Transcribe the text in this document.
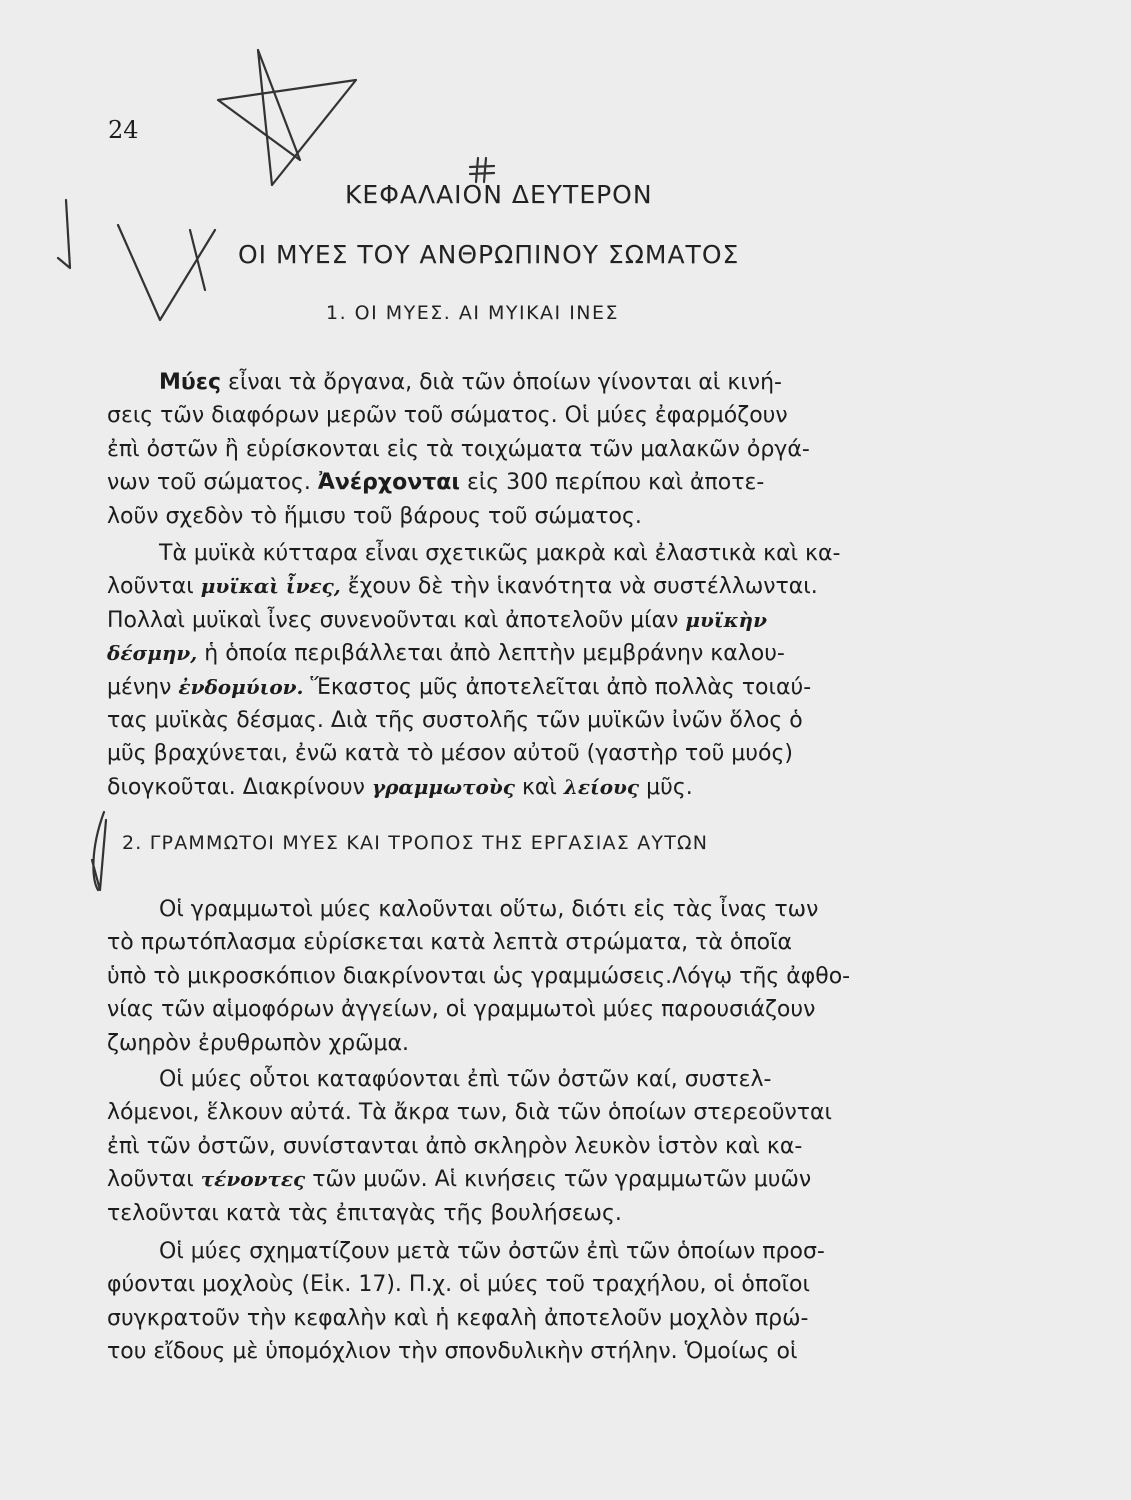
24
ΚΕΦΑΛΑΙΟΝ ΔΕΥΤΕΡΟΝ
ΟΙ ΜΥΕΣ ΤΟΥ ΑΝΘΡΩΠΙΝΟΥ ΣΩΜΑΤΟΣ
1. ΟΙ ΜΥΕΣ. ΑΙ ΜΥΙΚΑΙ ΙΝΕΣ
Μύες εἶναι τὰ ὄργανα, διὰ τῶν ὁποίων γίνονται αἱ κινή-
σεις τῶν διαφόρων μερῶν τοῦ σώματος. Οἱ μύες ἐφαρμόζουν
ἐπὶ ὀστῶν ἢ εὑρίσκονται εἰς τὰ τοιχώματα τῶν μαλακῶν ὀργά-
νων τοῦ σώματος. Ἀνέρχονται εἰς 300 περίπου καὶ ἀποτε-
λοῦν σχεδὸν τὸ ἥμισυ τοῦ βάρους τοῦ σώματος.
Τὰ μυϊκὰ κύτταρα εἶναι σχετικῶς μακρὰ καὶ ἐλαστικὰ καὶ κα-
λοῦνται μυϊκαὶ ἶνες, ἔχουν δὲ τὴν ἱκανότητα νὰ συστέλλωνται.
Πολλαὶ μυϊκαὶ ἶνες συνενοῦνται καὶ ἀποτελοῦν μίαν μυϊκὴν
δέσμην, ἡ ὁποία περιβάλλεται ἀπὸ λεπτὴν μεμβράνην καλου-
μένην ἐνδομύιον. Ἕκαστος μῦς ἀποτελεῖται ἀπὸ πολλὰς τοιαύ-
τας μυϊκὰς δέσμας. Διὰ τῆς συστολῆς τῶν μυϊκῶν ἰνῶν ὅλος ὁ
μῦς βραχύνεται, ἐνῶ κατὰ τὸ μέσον αὐτοῦ (γαστὴρ τοῦ μυός)
διογκοῦται. Διακρίνουν γραμμωτοὺς καὶ λείους μῦς.
2. ΓΡΑΜΜΩΤΟΙ ΜΥΕΣ ΚΑΙ ΤΡΟΠΟΣ ΤΗΣ ΕΡΓΑΣΙΑΣ ΑΥΤΩΝ
Οἱ γραμμωτοὶ μύες καλοῦνται οὕτω, διότι εἰς τὰς ἶνας των
τὸ πρωτόπλασμα εὑρίσκεται κατὰ λεπτὰ στρώματα, τὰ ὁποῖα
ὑπὸ τὸ μικροσκόπιον διακρίνονται ὡς γραμμώσεις.Λόγῳ τῆς ἀφθο-
νίας τῶν αἱμοφόρων ἀγγείων, οἱ γραμμωτοὶ μύες παρουσιάζουν
ζωηρὸν ἐρυθρωπὸν χρῶμα.
Οἱ μύες οὗτοι καταφύονται ἐπὶ τῶν ὀστῶν καί, συστελ-
λόμενοι, ἕλκουν αὐτά. Τὰ ἄκρα των, διὰ τῶν ὁποίων στερεοῦνται
ἐπὶ τῶν ὀστῶν, συνίστανται ἀπὸ σκληρὸν λευκὸν ἱστὸν καὶ κα-
λοῦνται τένοντες τῶν μυῶν. Αἱ κινήσεις τῶν γραμμωτῶν μυῶν
τελοῦνται κατὰ τὰς ἐπιταγὰς τῆς βουλήσεως.
Οἱ μύες σχηματίζουν μετὰ τῶν ὀστῶν ἐπὶ τῶν ὁποίων προσ-
φύονται μοχλοὺς (Εἰκ. 17). Π.χ. οἱ μύες τοῦ τραχήλου, οἱ ὁποῖοι
συγκρατοῦν τὴν κεφαλὴν καὶ ἡ κεφαλὴ ἀποτελοῦν μοχλὸν πρώ-
του εἴδους μὲ ὑπομόχλιον τὴν σπονδυλικὴν στήλην. Ὁμοίως οἱ
